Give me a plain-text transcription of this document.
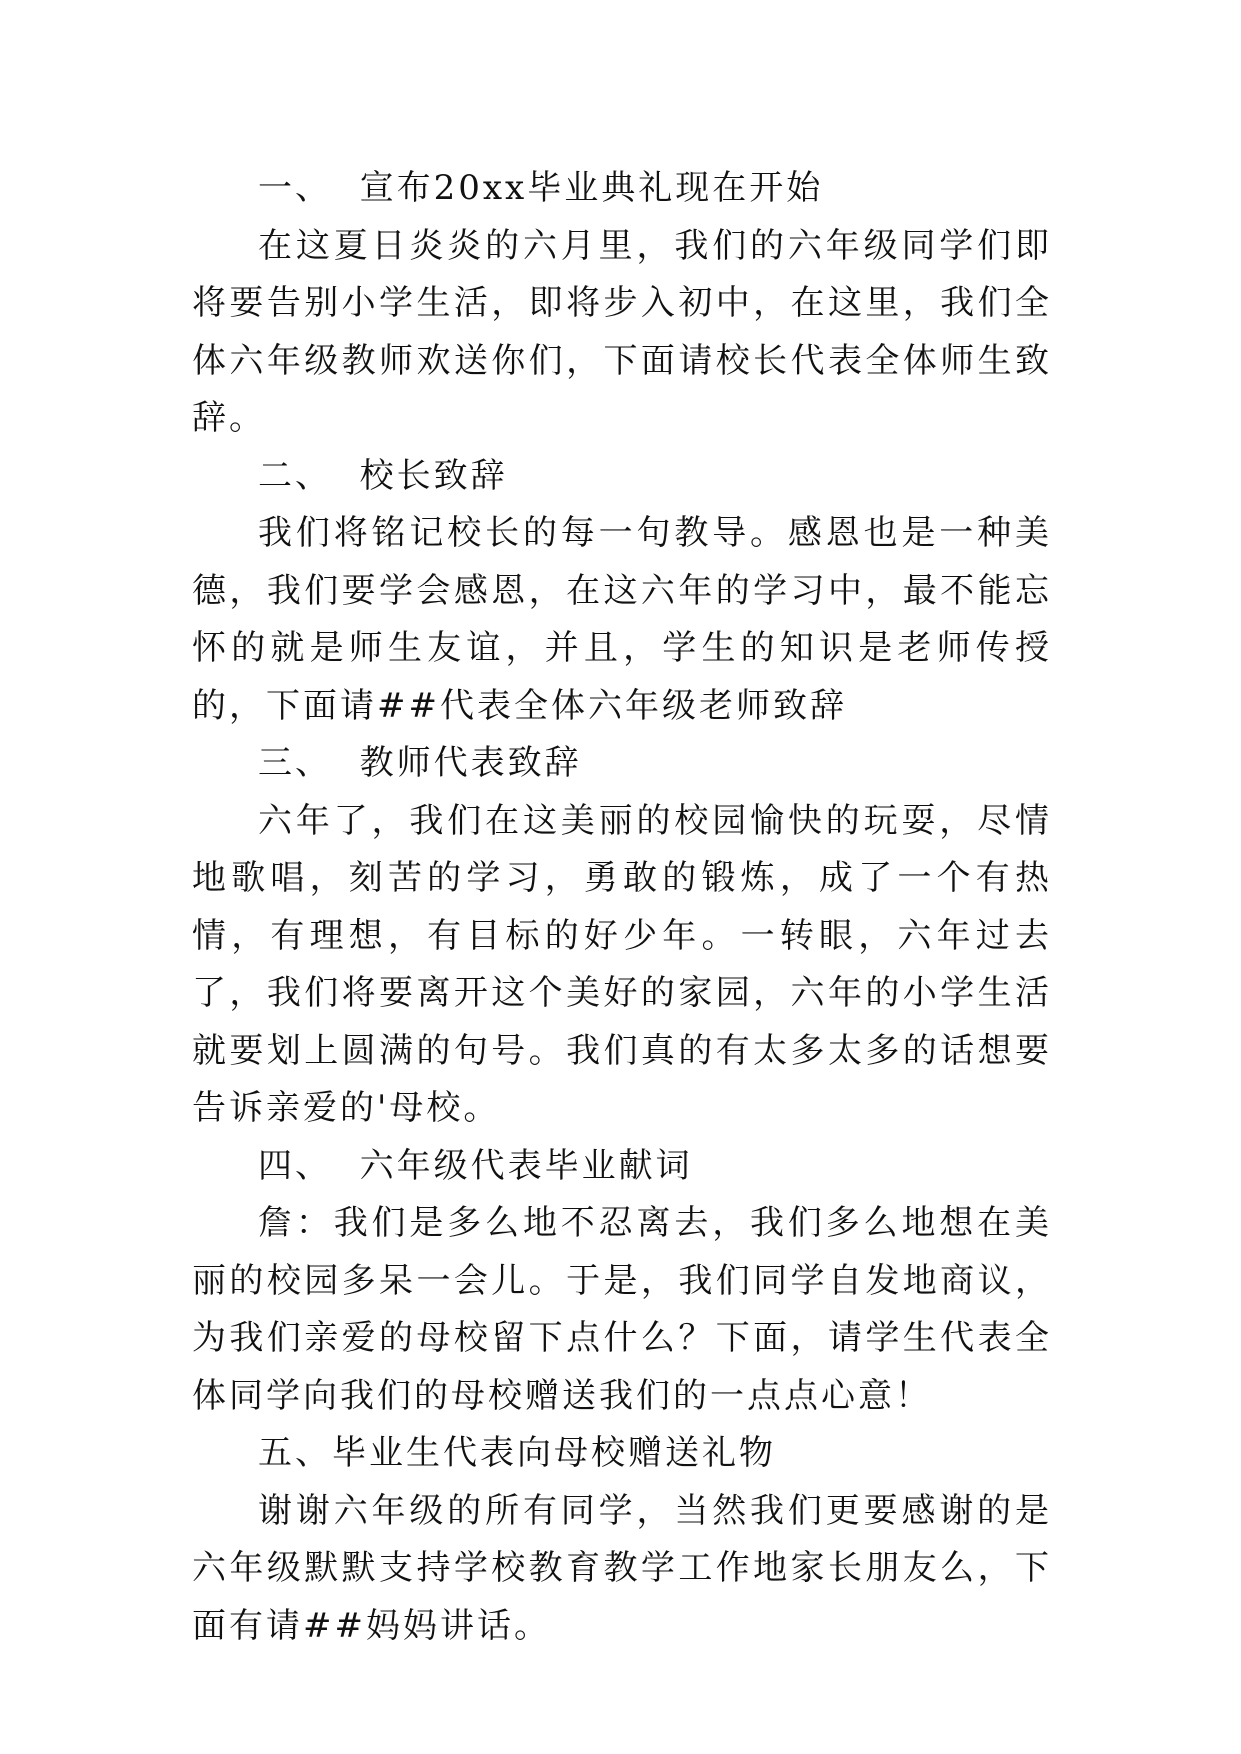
一、  宣布20xx毕业典礼现在开始

在这夏日炎炎的六月里，我们的六年级同学们即将要告别小学生活，即将步入初中，在这里，我们全体六年级教师欢送你们，下面请校长代表全体师生致辞。

二、  校长致辞

我们将铭记校长的每一句教导。感恩也是一种美德，我们要学会感恩，在这六年的学习中，最不能忘怀的就是师生友谊，并且，学生的知识是老师传授的，下面请##代表全体六年级老师致辞

三、  教师代表致辞

六年了，我们在这美丽的校园愉快的玩耍，尽情地歌唱，刻苦的学习，勇敢的锻炼，成了一个有热情，有理想，有目标的好少年。一转眼，六年过去了，我们将要离开这个美好的家园，六年的小学生活就要划上圆满的句号。我们真的有太多太多的话想要告诉亲爱的'母校。

四、  六年级代表毕业献词

詹：我们是多么地不忍离去，我们多么地想在美丽的校园多呆一会儿。于是，我们同学自发地商议，为我们亲爱的母校留下点什么？下面，请学生代表全体同学向我们的母校赠送我们的一点点心意！

五、毕业生代表向母校赠送礼物

谢谢六年级的所有同学，当然我们更要感谢的是六年级默默支持学校教育教学工作地家长朋友么，下面有请##妈妈讲话。
